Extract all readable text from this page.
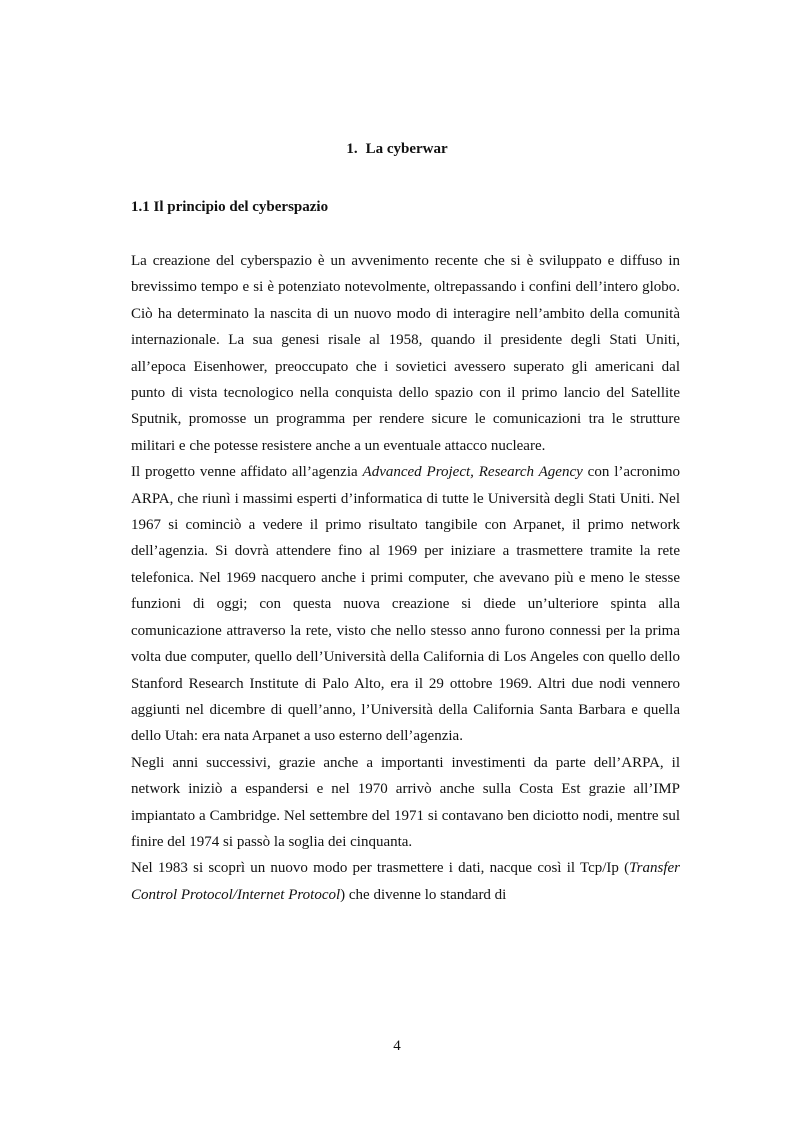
1. La cyberwar
1.1 Il principio del cyberspazio

La creazione del cyberspazio è un avvenimento recente che si è sviluppato e diffuso in brevissimo tempo e si è potenziato notevolmente, oltrepassando i confini dell’intero globo. Ciò ha determinato la nascita di un nuovo modo di interagire nell’ambito della comunità internazionale. La sua genesi risale al 1958, quando il presidente degli Stati Uniti, all’epoca Eisenhower, preoccupato che i sovietici avessero superato gli americani dal punto di vista tecnologico nella conquista dello spazio con il primo lancio del Satellite Sputnik, promosse un programma per rendere sicure le comunicazioni tra le strutture militari e che potesse resistere anche a un eventuale attacco nucleare.

Il progetto venne affidato all’agenzia Advanced Project, Research Agency con l’acronimo ARPA, che riunì i massimi esperti d’informatica di tutte le Università degli Stati Uniti. Nel 1967 si cominciò a vedere il primo risultato tangibile con Arpanet, il primo network dell’agenzia. Si dovrà attendere fino al 1969 per iniziare a trasmettere tramite la rete telefonica. Nel 1969 nacquero anche i primi computer, che avevano più e meno le stesse funzioni di oggi; con questa nuova creazione si diede un’ulteriore spinta alla comunicazione attraverso la rete, visto che nello stesso anno furono connessi per la prima volta due computer, quello dell’Università della California di Los Angeles con quello dello Stanford Research Institute di Palo Alto, era il 29 ottobre 1969. Altri due nodi vennero aggiunti nel dicembre di quell’anno, l’Università della California Santa Barbara e quella dello Utah: era nata Arpanet a uso esterno dell’agenzia.

Negli anni successivi, grazie anche a importanti investimenti da parte dell’ARPA, il network iniziò a espandersi e nel 1970 arrivò anche sulla Costa Est grazie all’IMP impiantato a Cambridge. Nel settembre del 1971 si contavano ben diciotto nodi, mentre sul finire del 1974 si passò la soglia dei cinquanta.

Nel 1983 si scoprì un nuovo modo per trasmettere i dati, nacque così il Tcp/Ip (Transfer Control Protocol/Internet Protocol) che divenne lo standard di

4
